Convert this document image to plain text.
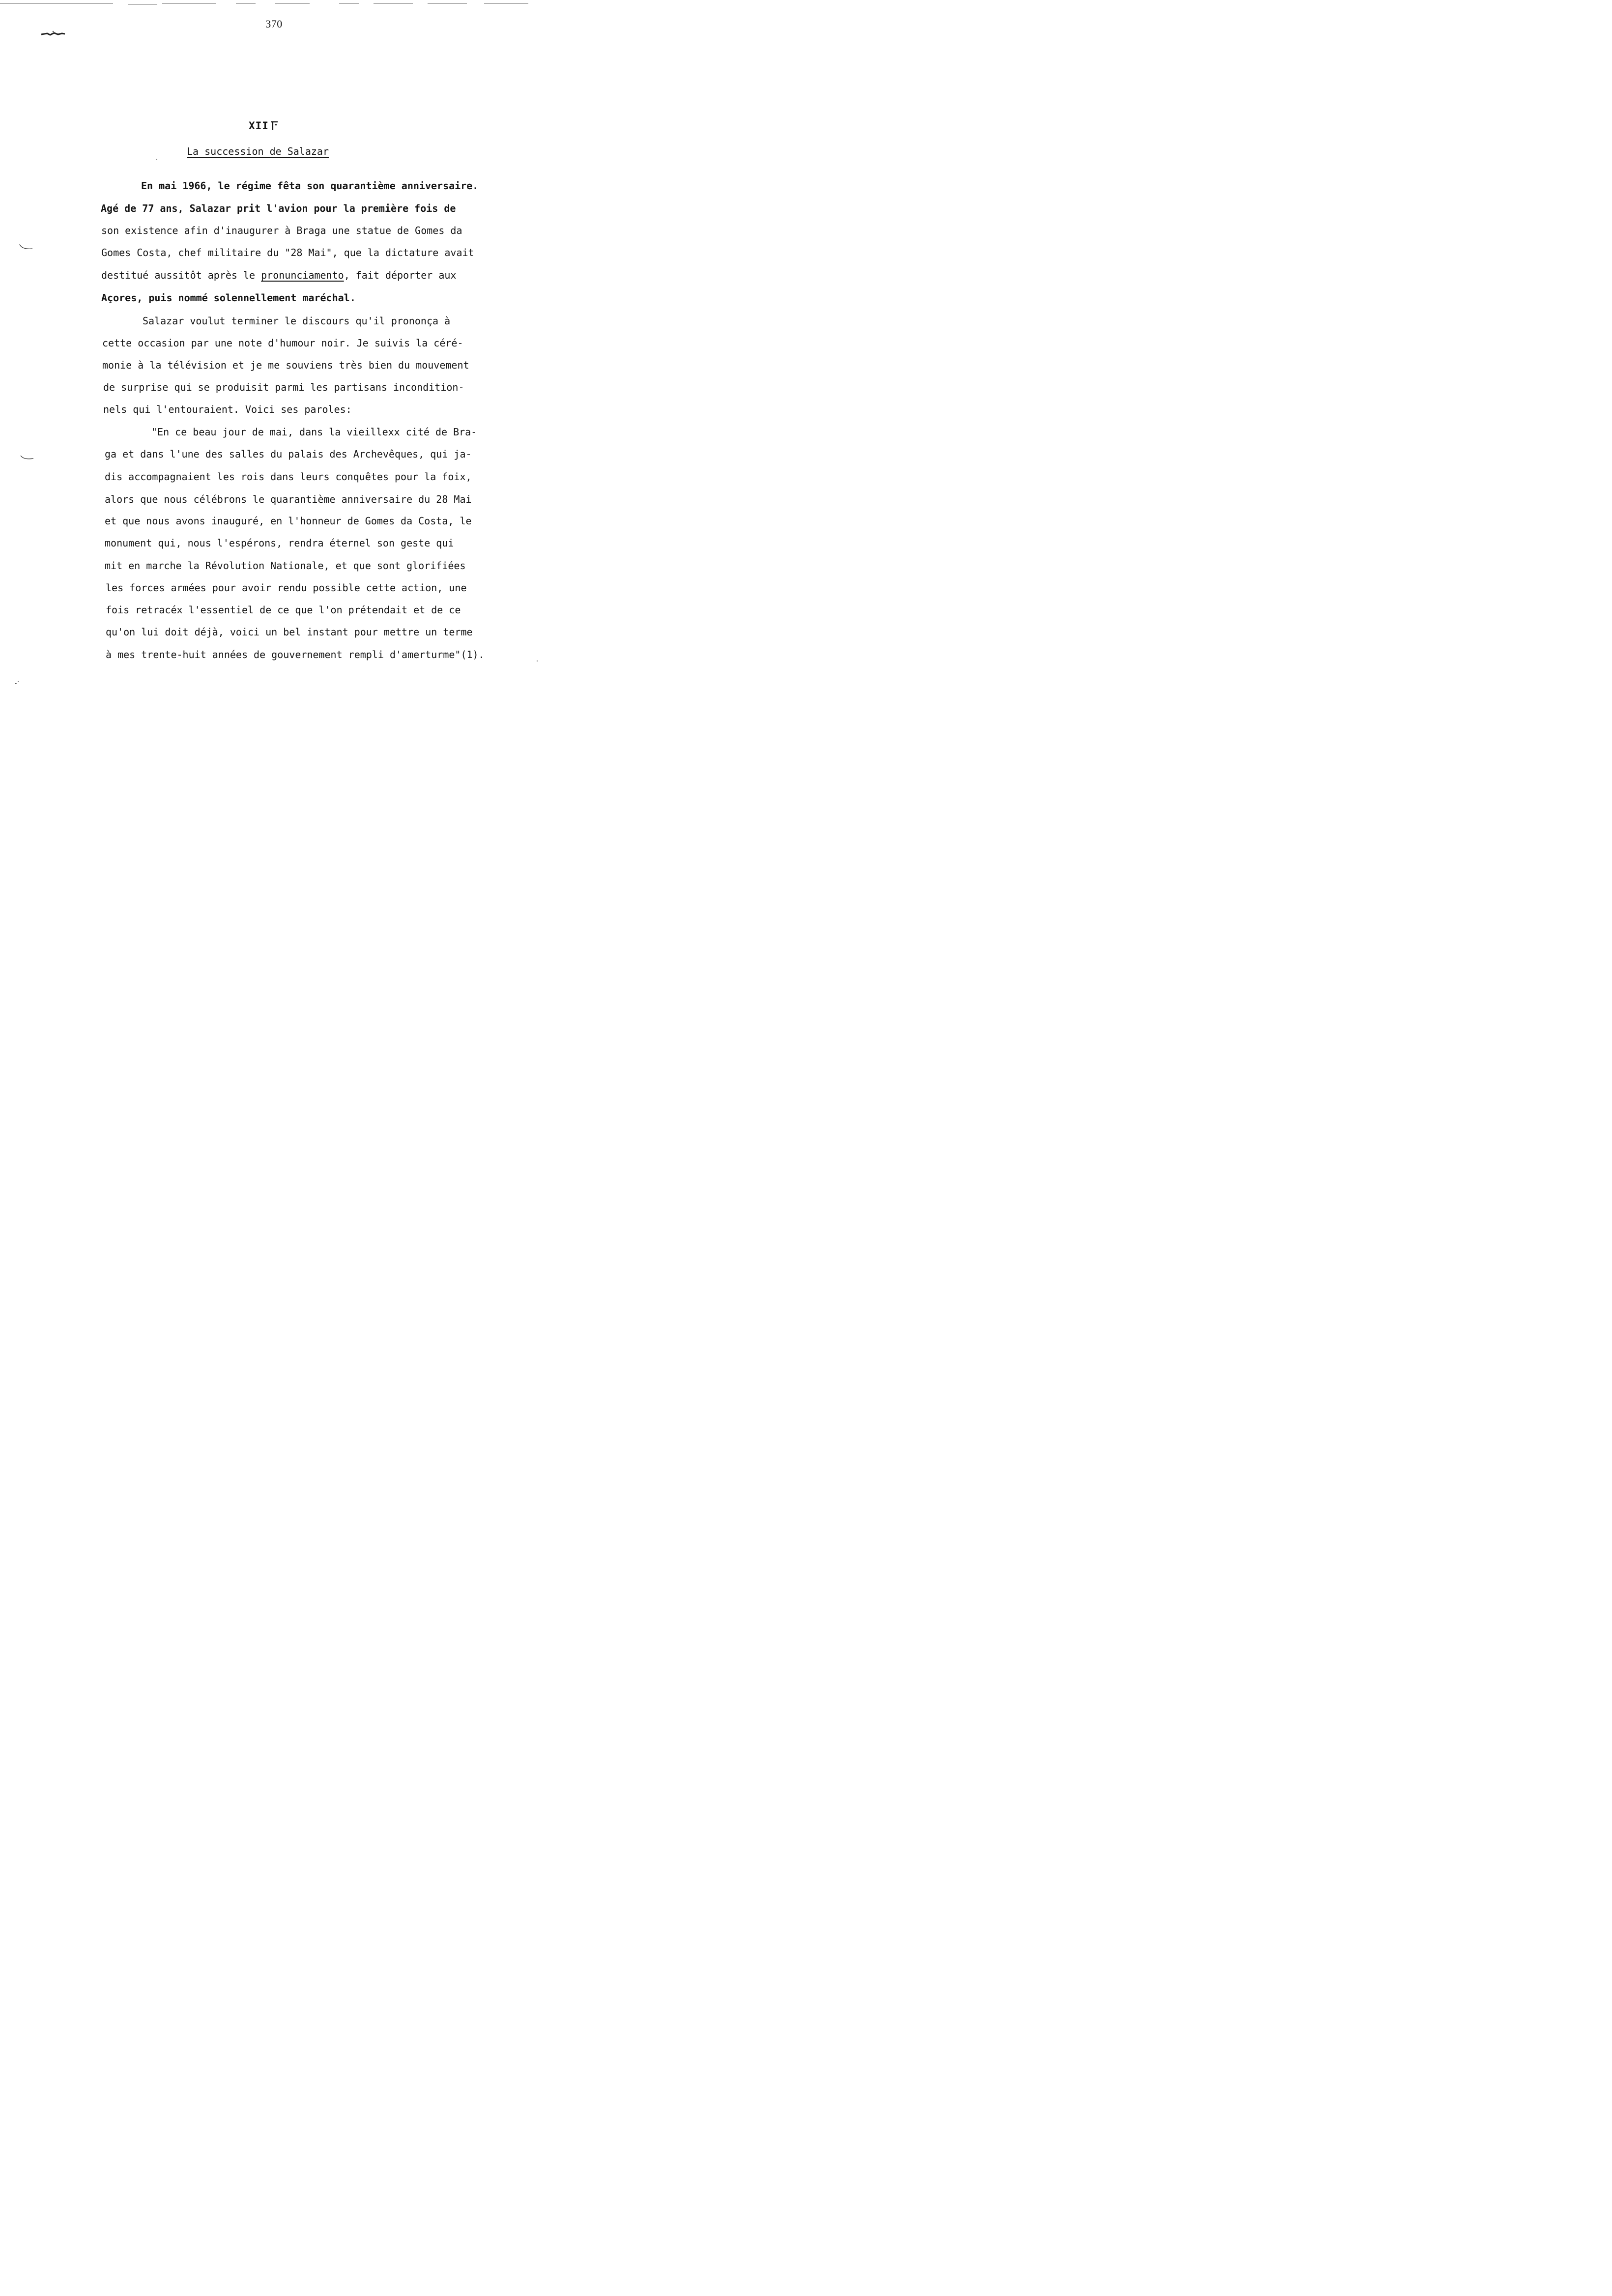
370
XII
La succession de Salazar
En mai 1966, le régime fêta son quarantième anniversaire.
Agé de 77 ans, Salazar prit l'avion pour la première fois de
son existence afin d'inaugurer à Braga une statue de Gomes da
Gomes Costa, chef militaire du "28 Mai", que la dictature avait
destitué aussitôt après le pronunciamento, fait déporter aux
Açores, puis nommé solennellement maréchal.
Salazar voulut terminer le discours qu'il prononça à
cette occasion par une note d'humour noir. Je suivis la céré-
monie à la télévision et je me souviens très bien du mouvement
de surprise qui se produisit parmi les partisans incondition-
nels qui l'entouraient. Voici ses paroles:
"En ce beau jour de mai, dans la vieillexx cité de Bra-
ga et dans l'une des salles du palais des Archevêques, qui ja-
dis accompagnaient les rois dans leurs conquêtes pour la foix,
alors que nous célébrons le quarantième anniversaire du 28 Mai
et que nous avons inauguré, en l'honneur de Gomes da Costa, le
monument qui, nous l'espérons, rendra éternel son geste qui
mit en marche la Révolution Nationale, et que sont glorifiées
les forces armées pour avoir rendu possible cette action, une
fois retracéx l'essentiel de ce que l'on prétendait et de ce
qu'on lui doit déjà, voici un bel instant pour mettre un terme
à mes trente-huit années de gouvernement rempli d'amerturme"(1).
